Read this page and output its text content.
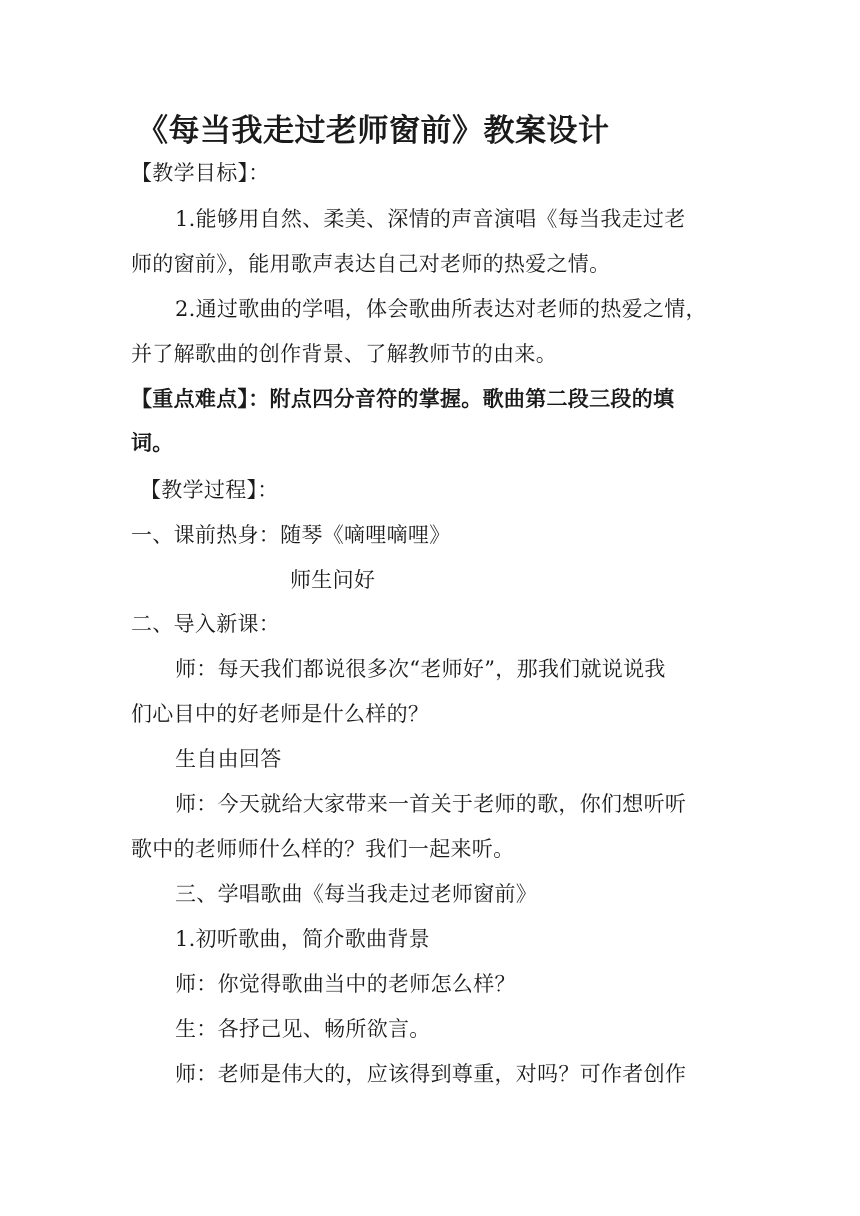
《每当我走过老师窗前》教案设计
【教学目标】：
1.能够用自然、柔美、深情的声音演唱《每当我走过老
师的窗前》，能用歌声表达自己对老师的热爱之情。
2.通过歌曲的学唱，体会歌曲所表达对老师的热爱之情，
并了解歌曲的创作背景、了解教师节的由来。
【重点难点】：附点四分音符的掌握。歌曲第二段三段的填
词。
【教学过程】：
一、课前热身：随琴《嘀哩嘀哩》
师生问好
二、导入新课：
师：每天我们都说很多次“老师好”，那我们就说说我
们心目中的好老师是什么样的？
生自由回答
师：今天就给大家带来一首关于老师的歌，你们想听听
歌中的老师师什么样的？我们一起来听。
三、学唱歌曲《每当我走过老师窗前》
1.初听歌曲，简介歌曲背景
师：你觉得歌曲当中的老师怎么样？
生：各抒己见、畅所欲言。
师：老师是伟大的，应该得到尊重，对吗？可作者创作
